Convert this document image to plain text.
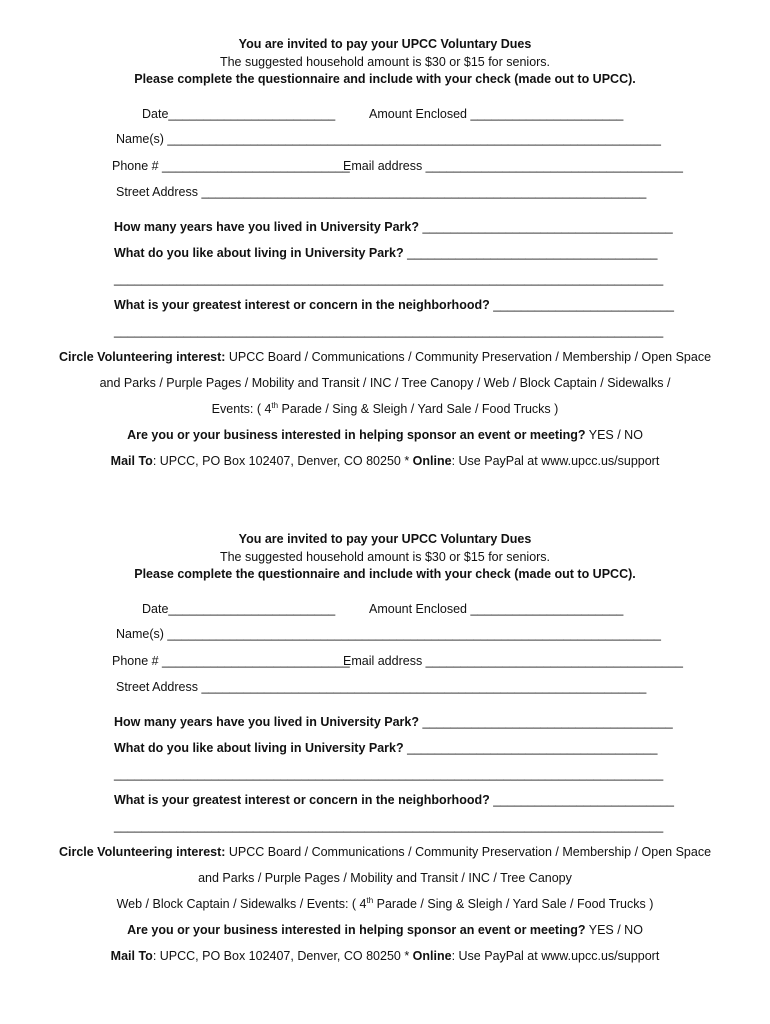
You are invited to pay your UPCC Voluntary Dues
The suggested household amount is $30 or $15 for seniors.
Please complete the questionnaire and include with your check (made out to UPCC).
Date________________________	Amount Enclosed ______________________
Name(s) _______________________________________________________________________
Phone # ___________________________
Email address _____________________________________
Street Address ________________________________________________________________
How many years have you lived in University Park? ____________________________________
What do you like about living in University Park? ____________________________________
_______________________________________________________________________________
What is your greatest interest or concern in the neighborhood? __________________________
_______________________________________________________________________________
Circle Volunteering interest: UPCC Board / Communications / Community Preservation / Membership / Open Space
and Parks / Purple Pages / Mobility and Transit / INC / Tree Canopy / Web / Block Captain / Sidewalks /
Events: ( 4th Parade / Sing & Sleigh / Yard Sale / Food Trucks )
Are you or your business interested in helping sponsor an event or meeting? YES / NO
Mail To: UPCC, PO Box 102407, Denver, CO 80250 * Online: Use PayPal at www.upcc.us/support
You are invited to pay your UPCC Voluntary Dues
The suggested household amount is $30 or $15 for seniors.
Please complete the questionnaire and include with your check (made out to UPCC).
Date________________________	Amount Enclosed ______________________
Name(s) _______________________________________________________________________
Phone # ___________________________
Email address _____________________________________
Street Address ________________________________________________________________
How many years have you lived in University Park? ____________________________________
What do you like about living in University Park? ____________________________________
_______________________________________________________________________________
What is your greatest interest or concern in the neighborhood? __________________________
_______________________________________________________________________________
Circle Volunteering interest: UPCC Board / Communications / Community Preservation / Membership / Open Space
and Parks / Purple Pages / Mobility and Transit / INC / Tree Canopy
Web / Block Captain / Sidewalks / Events: ( 4th Parade / Sing & Sleigh / Yard Sale / Food Trucks )
Are you or your business interested in helping sponsor an event or meeting? YES / NO
Mail To: UPCC, PO Box 102407, Denver, CO 80250 * Online: Use PayPal at www.upcc.us/support
